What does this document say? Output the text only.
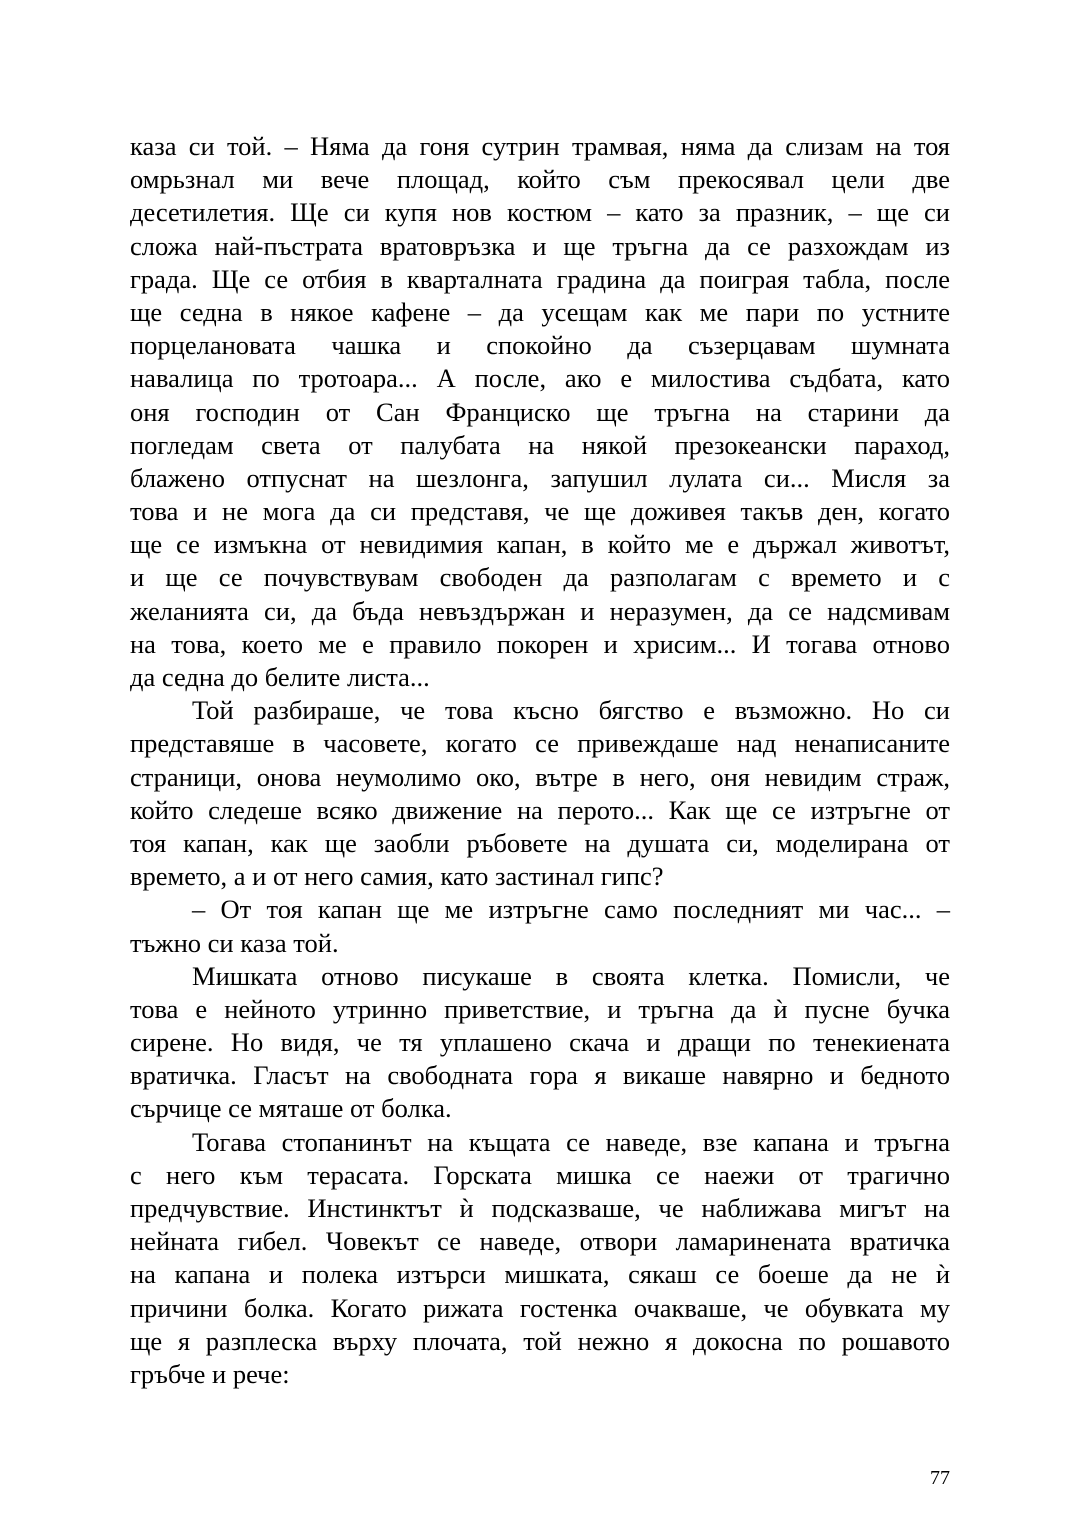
каза си той. – Няма да гоня сутрин трамвая, няма да слизам на тоя
омрьзнал ми вече площад, който съм прекосявал цели две
десетилетия. Ще си купя нов костюм – като за празник, – ще си
сложа най-пъстрата вратовръзка и ще тръгна да се разхождам из
града. Ще се отбия в кварталната градина да поиграя табла, после
ще седна в някое кафене – да усещам как ме пари по устните
порцелановата чашка и спокойно да съзерцавам шумната
навалица по тротоара... А после, ако е милостива съдбата, като
оня господин от Сан Франциско ще тръгна на старини да
погледам света от палубата на някой презокеански параход,
блажено отпуснат на шезлонга, запушил лулата си... Мисля за
това и не мога да си представя, че ще доживея такъв ден, когато
ще се измъкна от невидимия капан, в който ме е държал животът,
и ще се почувствувам свободен да разполагам с времето и с
желанията си, да бъда невъздържан и неразумен, да се надсмивам
на това, което ме е правило покорен и хрисим... И тогава отново
да седна до белите листа...
Той разбираше, че това късно бягство е възможно. Но си
представяше в часовете, когато се привеждаше над ненаписаните
страници, онова неумолимо око, вътре в него, оня невидим страж,
който следеше всяко движение на перото... Как ще се изтръгне от
тоя капан, как ще заобли ръбовете на душата си, моделирана от
времето, а и от него самия, като застинал гипс?
– От тоя капан ще ме изтръгне само последният ми час... –
тъжно си каза той.
Мишката отново писукаше в своята клетка. Помисли, че
това е нейното утринно приветствие, и тръгна да ѝ пусне бучка
сирене. Но видя, че тя уплашено скача и дращи по тенекиената
вратичка. Гласът на свободната гора я викаше навярно и бедното
сърчице се мяташе от болка.
Тогава стопанинът на къщата се наведе, взе капана и тръгна
с него към терасата. Горската мишка се наежи от трагично
предчувствие. Инстинктът ѝ подсказваше, че наближава мигът на
нейната гибел. Човекът се наведе, отвори ламаринената вратичка
на капана и полека изтърси мишката, сякаш се боеше да не ѝ
причини болка. Когато рижата гостенка очакваше, че обувката му
ще я разплеска върху плочата, той нежно я докосна по рошавото
гръбче и рече:
77
